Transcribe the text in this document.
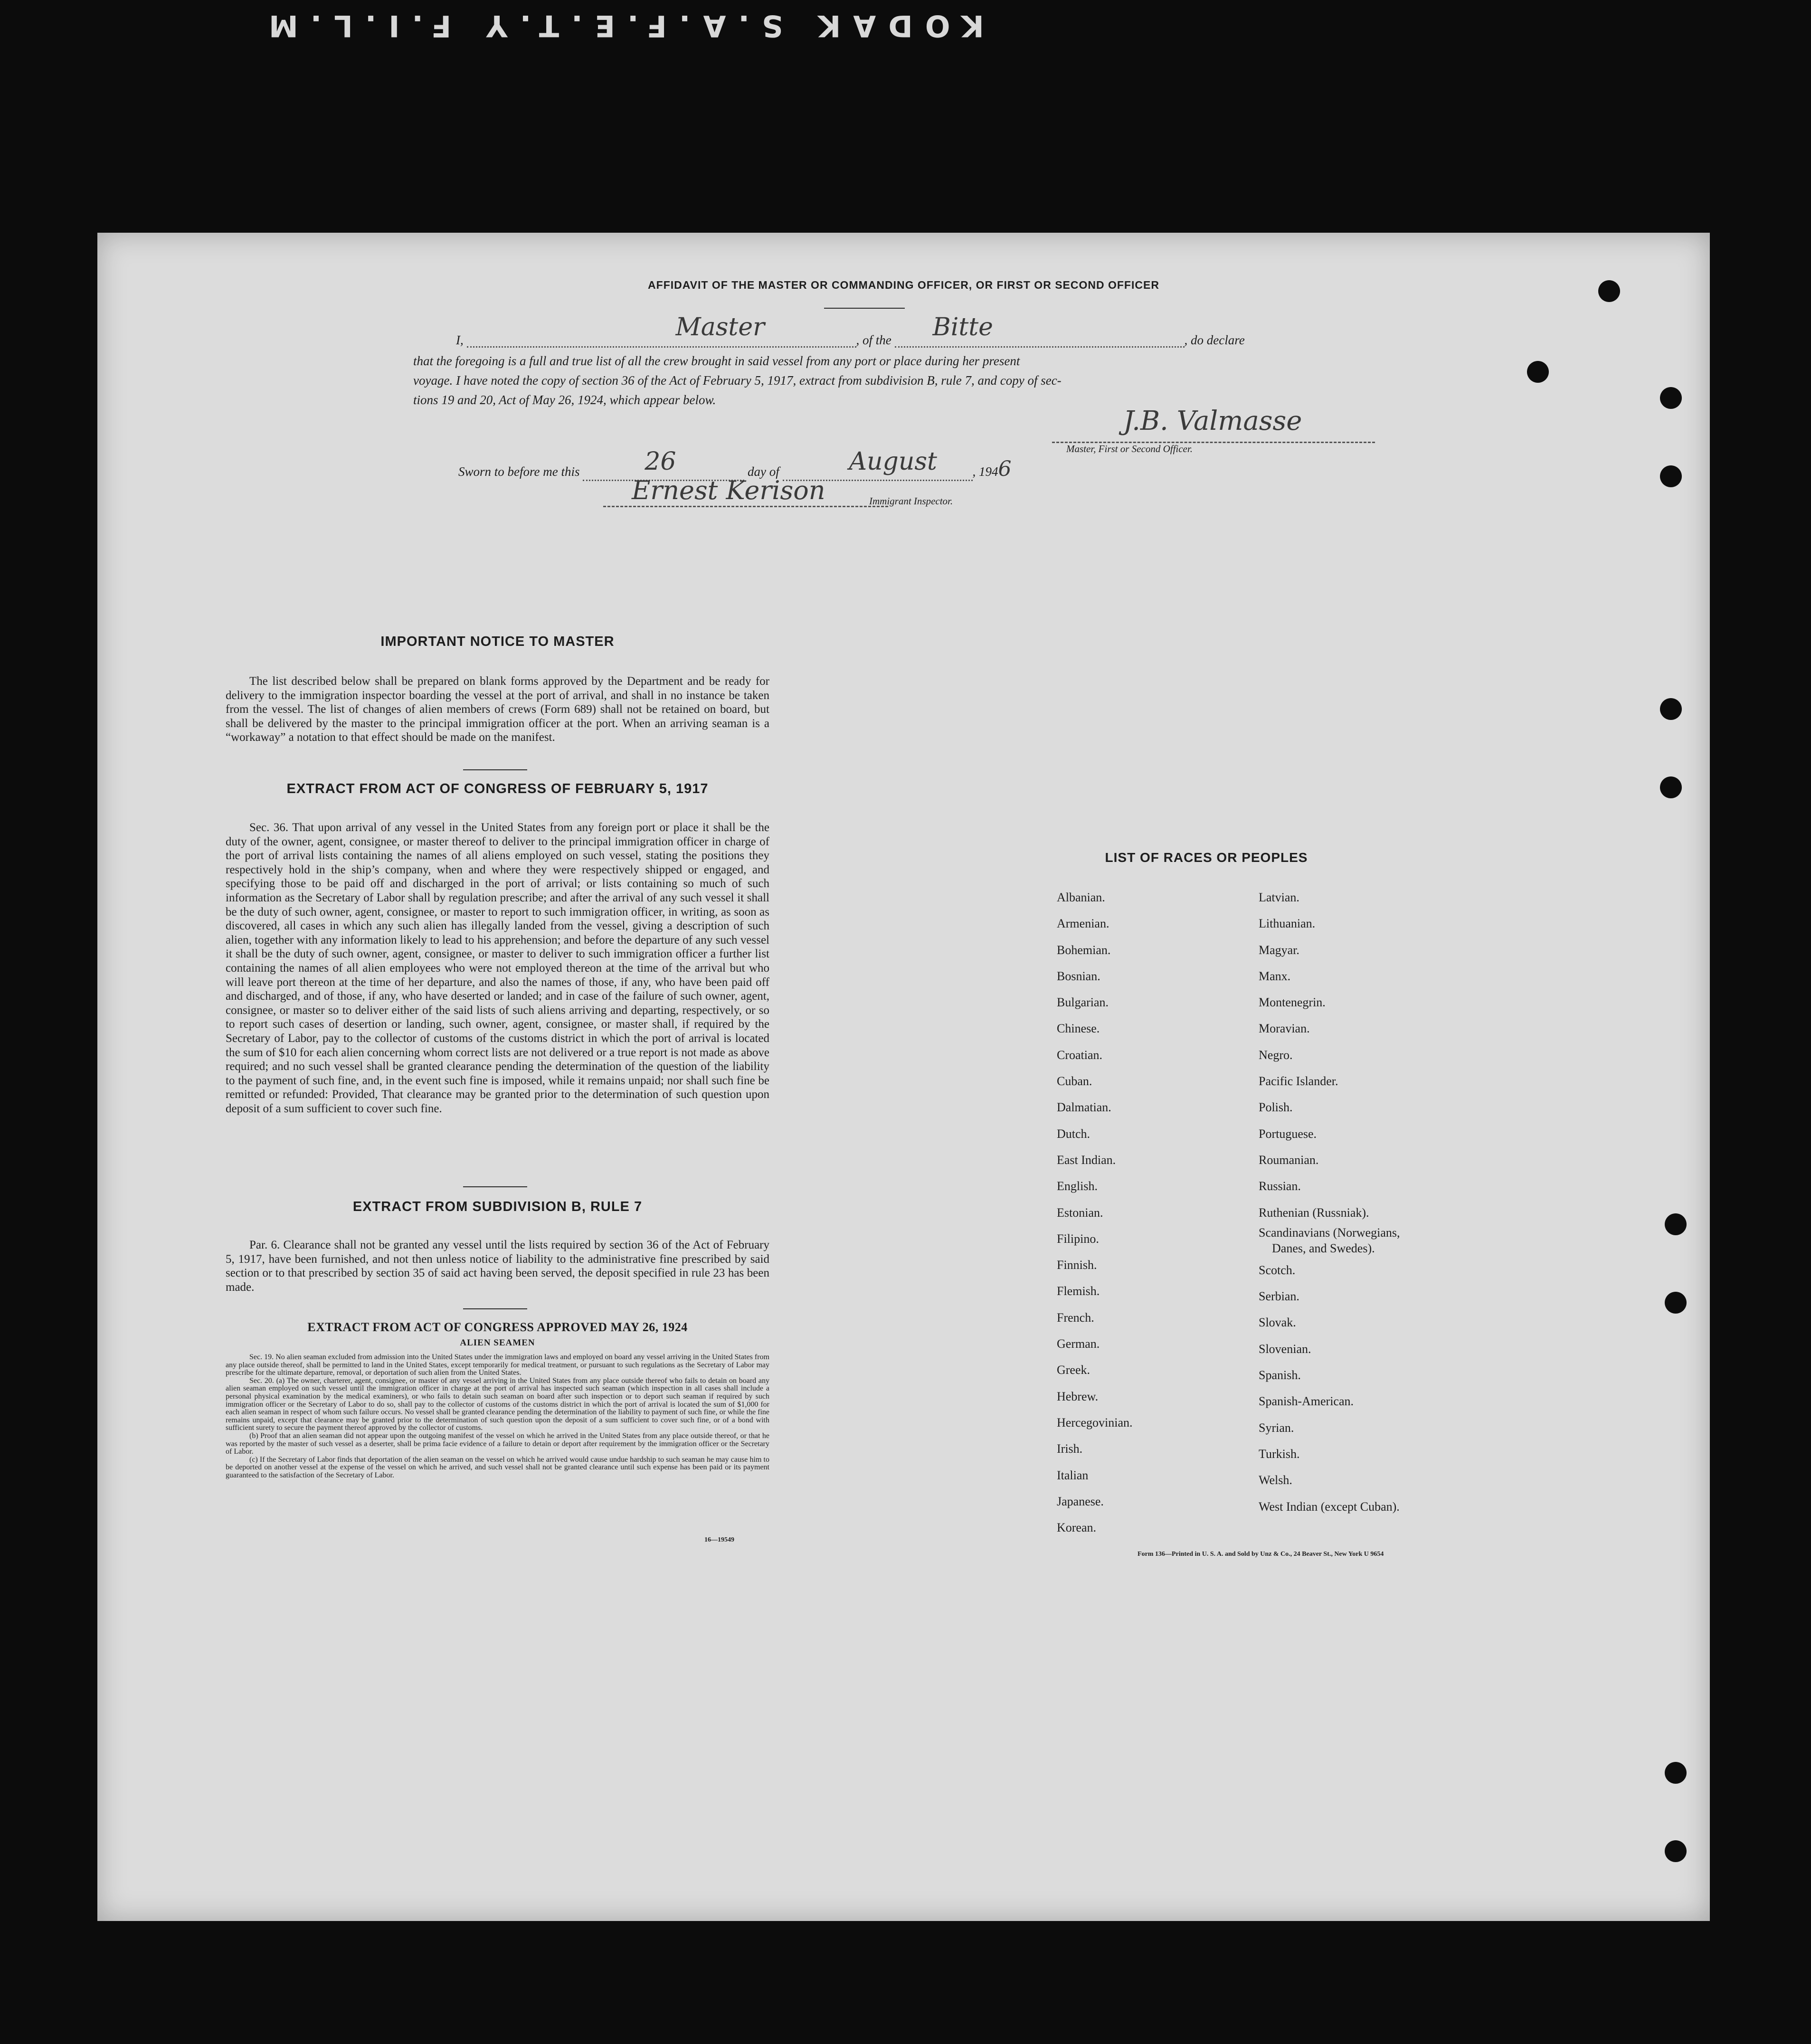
KODAK S.A.F.E.T.Y F.I.L.M
AFFIDAVIT OF THE MASTER OR COMMANDING OFFICER, OR FIRST OR SECOND OFFICER
I,	Master	, of the Bitte	, do declare
that the foregoing is a full and true list of all the crew brought in said vessel from any port or place during her present
voyage. I have noted the copy of section 36 of the Act of February 5, 1917, extract from subdivision B, rule 7, and copy of sec-
tions 19 and 20, Act of May 26, 1924, which appear below.
J.B. Valmasse
Master, First or Second Officer.
Sworn to before me this	26	day of	August	, 1946
Ernest Kerison	Immigrant Inspector.
IMPORTANT NOTICE TO MASTER
The list described below shall be prepared on blank forms approved by the Department and be ready for delivery to the immigration inspector boarding the vessel at the port of arrival, and shall in no instance be taken from the vessel. The list of changes of alien members of crews (Form 689) shall not be retained on board, but shall be delivered by the master to the principal immigration officer at the port. When an arriving seaman is a “workaway” a notation to that effect should be made on the manifest.
EXTRACT FROM ACT OF CONGRESS OF FEBRUARY 5, 1917
Sec. 36. That upon arrival of any vessel in the United States from any foreign port or place it shall be the duty of the owner, agent, consignee, or master thereof to deliver to the principal immigration officer in charge of the port of arrival lists containing the names of all aliens employed on such vessel, stating the positions they respectively hold in the ship’s company, when and where they were respectively shipped or engaged, and specifying those to be paid off and discharged in the port of arrival; or lists containing so much of such information as the Secretary of Labor shall by regulation prescribe; and after the arrival of any such vessel it shall be the duty of such owner, agent, consignee, or master to report to such immigration officer, in writing, as soon as discovered, all cases in which any such alien has illegally landed from the vessel, giving a description of such alien, together with any information likely to lead to his apprehension; and before the departure of any such vessel it shall be the duty of such owner, agent, consignee, or master to deliver to such immigration officer a further list containing the names of all alien employees who were not employed thereon at the time of the arrival but who will leave port thereon at the time of her departure, and also the names of those, if any, who have been paid off and discharged, and of those, if any, who have deserted or landed; and in case of the failure of such owner, agent, consignee, or master so to deliver either of the said lists of such aliens arriving and departing, respectively, or so to report such cases of desertion or landing, such owner, agent, consignee, or master shall, if required by the Secretary of Labor, pay to the collector of customs of the customs district in which the port of arrival is located the sum of $10 for each alien concerning whom correct lists are not delivered or a true report is not made as above required; and no such vessel shall be granted clearance pending the determination of the question of the liability to the payment of such fine, and, in the event such fine is imposed, while it remains unpaid; nor shall such fine be remitted or refunded: Provided, That clearance may be granted prior to the determination of such question upon deposit of a sum sufficient to cover such fine.
EXTRACT FROM SUBDIVISION B, RULE 7
Par. 6. Clearance shall not be granted any vessel until the lists required by section 36 of the Act of February 5, 1917, have been furnished, and not then unless notice of liability to the administrative fine prescribed by said section or to that prescribed by section 35 of said act having been served, the deposit specified in rule 23 has been made.
EXTRACT FROM ACT OF CONGRESS APPROVED MAY 26, 1924
ALIEN SEAMEN
Sec. 19. No alien seaman excluded from admission into the United States under the immigration laws and employed on board any vessel arriving in the United States from any place outside thereof, shall be permitted to land in the United States, except temporarily for medical treatment, or pursuant to such regulations as the Secretary of Labor may prescribe for the ultimate departure, removal, or deportation of such alien from the United States.
Sec. 20. (a) The owner, charterer, agent, consignee, or master of any vessel arriving in the United States from any place outside thereof who fails to detain on board any alien seaman employed on such vessel until the immigration officer in charge at the port of arrival has inspected such seaman (which inspection in all cases shall include a personal physical examination by the medical examiners), or who fails to detain such seaman on board after such inspection or to deport such seaman if required by such immigration officer or the Secretary of Labor to do so, shall pay to the collector of customs of the customs district in which the port of arrival is located the sum of $1,000 for each alien seaman in respect of whom such failure occurs. No vessel shall be granted clearance pending the determination of the liability to payment of such fine, or while the fine remains unpaid, except that clearance may be granted prior to the determination of such question upon the deposit of a sum sufficient to cover such fine, or of a bond with sufficient surety to secure the payment thereof approved by the collector of customs.
(b) Proof that an alien seaman did not appear upon the outgoing manifest of the vessel on which he arrived in the United States from any place outside thereof, or that he was reported by the master of such vessel as a deserter, shall be prima facie evidence of a failure to detain or deport after requirement by the immigration officer or the Secretary of Labor.
(c) If the Secretary of Labor finds that deportation of the alien seaman on the vessel on which he arrived would cause undue hardship to such seaman he may cause him to be deported on another vessel at the expense of the vessel on which he arrived, and such vessel shall not be granted clearance until such expense has been paid or its payment guaranteed to the satisfaction of the Secretary of Labor.
16—19549
LIST OF RACES OR PEOPLES
Albanian.
Armenian.
Bohemian.
Bosnian.
Bulgarian.
Chinese.
Croatian.
Cuban.
Dalmatian.
Dutch.
East Indian.
English.
Estonian.
Filipino.
Finnish.
Flemish.
French.
German.
Greek.
Hebrew.
Hercegovinian.
Irish.
Italian
Japanese.
Korean.
Latvian.
Lithuanian.
Magyar.
Manx.
Montenegrin.
Moravian.
Negro.
Pacific Islander.
Polish.
Portuguese.
Roumanian.
Russian.
Ruthenian (Russniak).
Scandinavians (Norwegians,
Danes, and Swedes).
Scotch.
Serbian.
Slovak.
Slovenian.
Spanish.
Spanish-American.
Syrian.
Turkish.
Welsh.
West Indian (except Cuban).
Form 136—Printed in U. S. A. and Sold by Unz & Co., 24 Beaver St., New York U 9654
